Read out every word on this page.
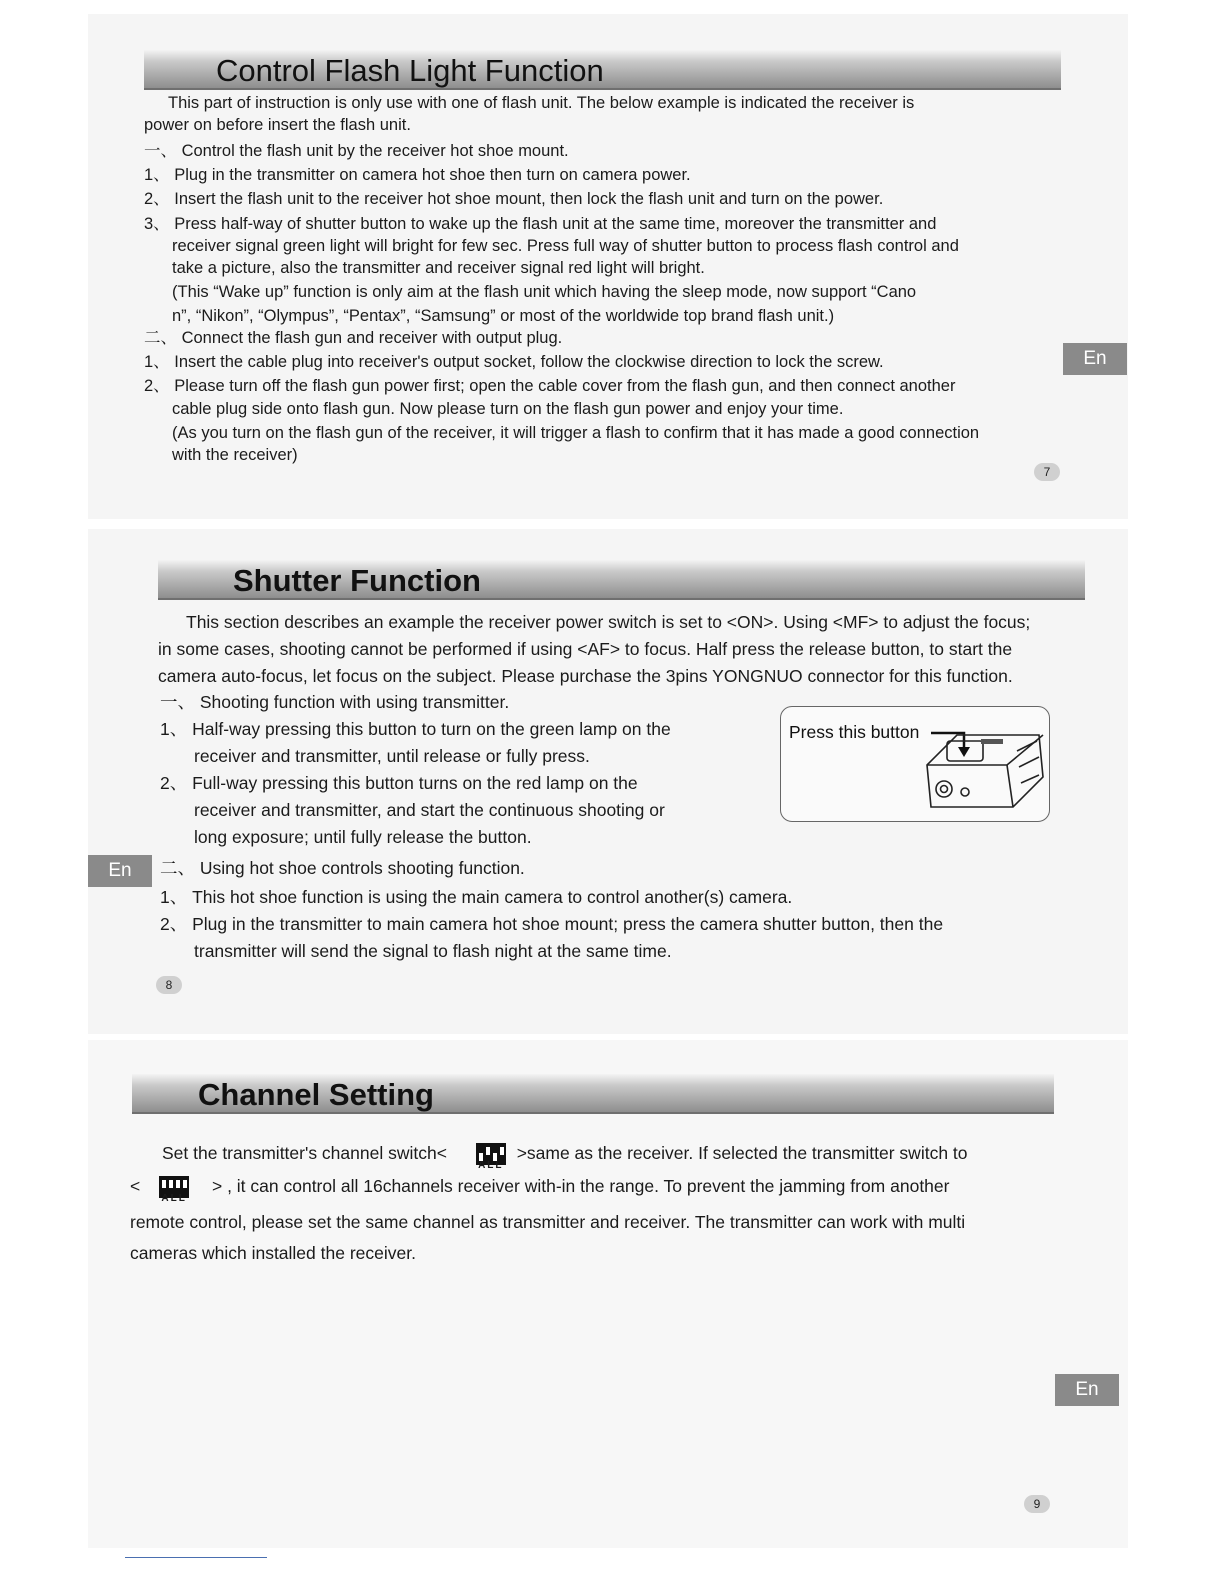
Control Flash Light Function
This part of instruction is only use with one of flash unit. The below example is indicated the receiver is
power on before insert the flash unit.
一、 Control the flash unit by the receiver hot shoe mount.
1、 Plug in the transmitter on camera hot shoe then turn on camera power.
2、 Insert the flash unit to the receiver hot shoe mount, then lock the flash unit and turn on the power.
3、 Press half-way of shutter button to wake up the flash unit at the same time, moreover the transmitter and
receiver signal green light will bright for few sec. Press full way of shutter button to process flash control and
take a picture, also the transmitter and receiver signal red light will bright.
(This “Wake up” function is only aim at the flash unit which having the sleep mode, now support “Cano
n”, “Nikon”, “Olympus”, “Pentax”, “Samsung” or most of the worldwide top brand flash unit.)
二、 Connect the flash gun and receiver with output plug.
1、 Insert the cable plug into receiver's output socket, follow the clockwise direction to lock the screw.
2、 Please turn off the flash gun power first; open the cable cover from the flash gun, and then connect another
cable plug side onto flash gun. Now please turn on the flash gun power and enjoy your time.
(As you turn on the flash gun of the receiver, it will trigger a flash to confirm that it has made a good connection
with the receiver)
En
7
Shutter Function
This section describes an example the receiver power switch is set to <ON>. Using <MF> to adjust the focus;
in some cases, shooting cannot be performed if using <AF> to focus. Half press the release button, to start the
camera auto-focus, let focus on the subject. Please purchase the 3pins YONGNUO connector for this function.
一、 Shooting function with using transmitter.
1、 Half-way pressing this button to turn on the green lamp on the
receiver and transmitter, until release or fully press.
2、 Full-way pressing this button turns on the red lamp on the
receiver and transmitter, and start the continuous shooting or
long exposure; until fully release the button.
Press this button
二、 Using hot shoe controls shooting function.
1、 This hot shoe function is using the main camera to control another(s) camera.
2、 Plug in the transmitter to main camera hot shoe mount; press the camera shutter button, then the
transmitter will send the signal to flash night at the same time.
En
8
Channel Setting
Set the transmitter's channel switch<
ALL
>same as the receiver. If selected the transmitter switch to
<
ALL
> , it can control all 16channels receiver with-in the range. To prevent the jamming from another
remote control, please set the same channel as transmitter and receiver. The transmitter can work with multi
cameras which installed the receiver.
En
9
